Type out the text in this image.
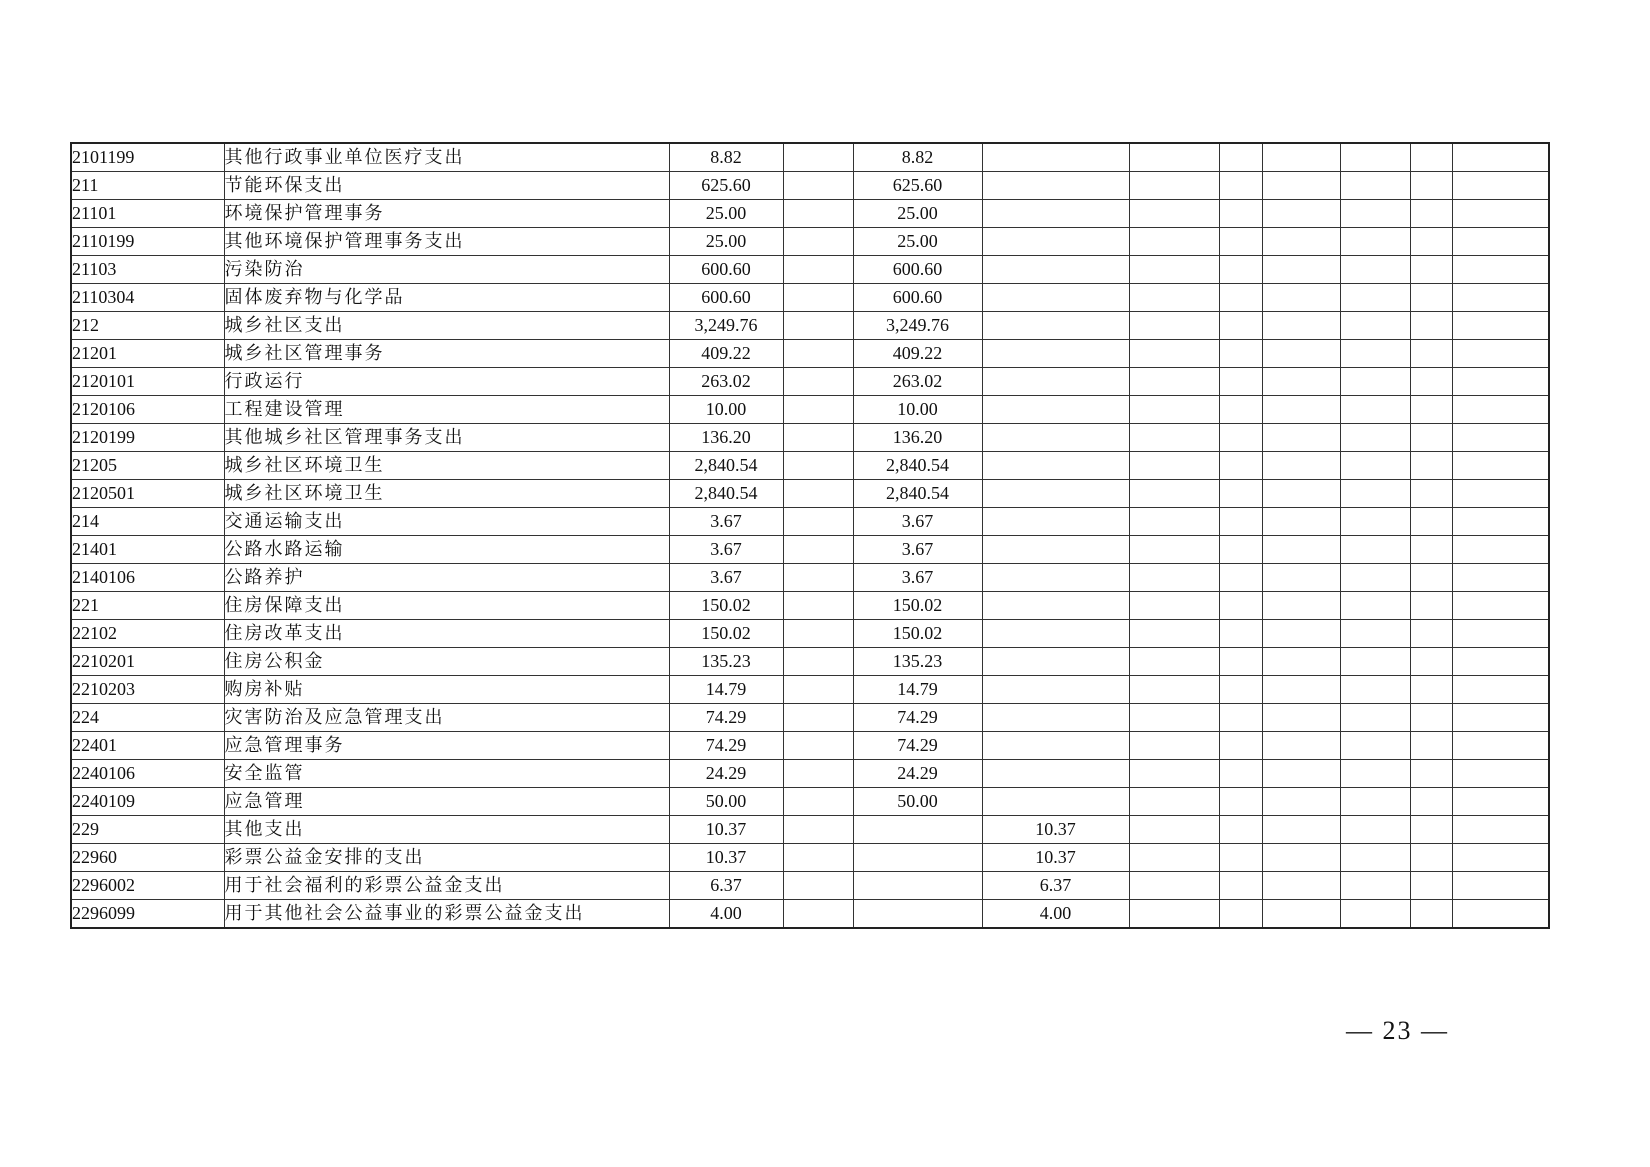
2101199	其他行政事业单位医疗支出	8.82		8.82							
211	节能环保支出	625.60		625.60							
21101	环境保护管理事务	25.00		25.00							
2110199	其他环境保护管理事务支出	25.00		25.00							
21103	污染防治	600.60		600.60							
2110304	固体废弃物与化学品	600.60		600.60							
212	城乡社区支出	3,249.76		3,249.76							
21201	城乡社区管理事务	409.22		409.22							
2120101	行政运行	263.02		263.02							
2120106	工程建设管理	10.00		10.00							
2120199	其他城乡社区管理事务支出	136.20		136.20							
21205	城乡社区环境卫生	2,840.54		2,840.54							
2120501	城乡社区环境卫生	2,840.54		2,840.54							
214	交通运输支出	3.67		3.67							
21401	公路水路运输	3.67		3.67							
2140106	公路养护	3.67		3.67							
221	住房保障支出	150.02		150.02							
22102	住房改革支出	150.02		150.02							
2210201	住房公积金	135.23		135.23							
2210203	购房补贴	14.79		14.79							
224	灾害防治及应急管理支出	74.29		74.29							
22401	应急管理事务	74.29		74.29							
2240106	安全监管	24.29		24.29							
2240109	应急管理	50.00		50.00							
229	其他支出	10.37			10.37						
22960	彩票公益金安排的支出	10.37			10.37						
2296002	用于社会福利的彩票公益金支出	6.37			6.37						
2296099	用于其他社会公益事业的彩票公益金支出	4.00			4.00						
— 23 —
